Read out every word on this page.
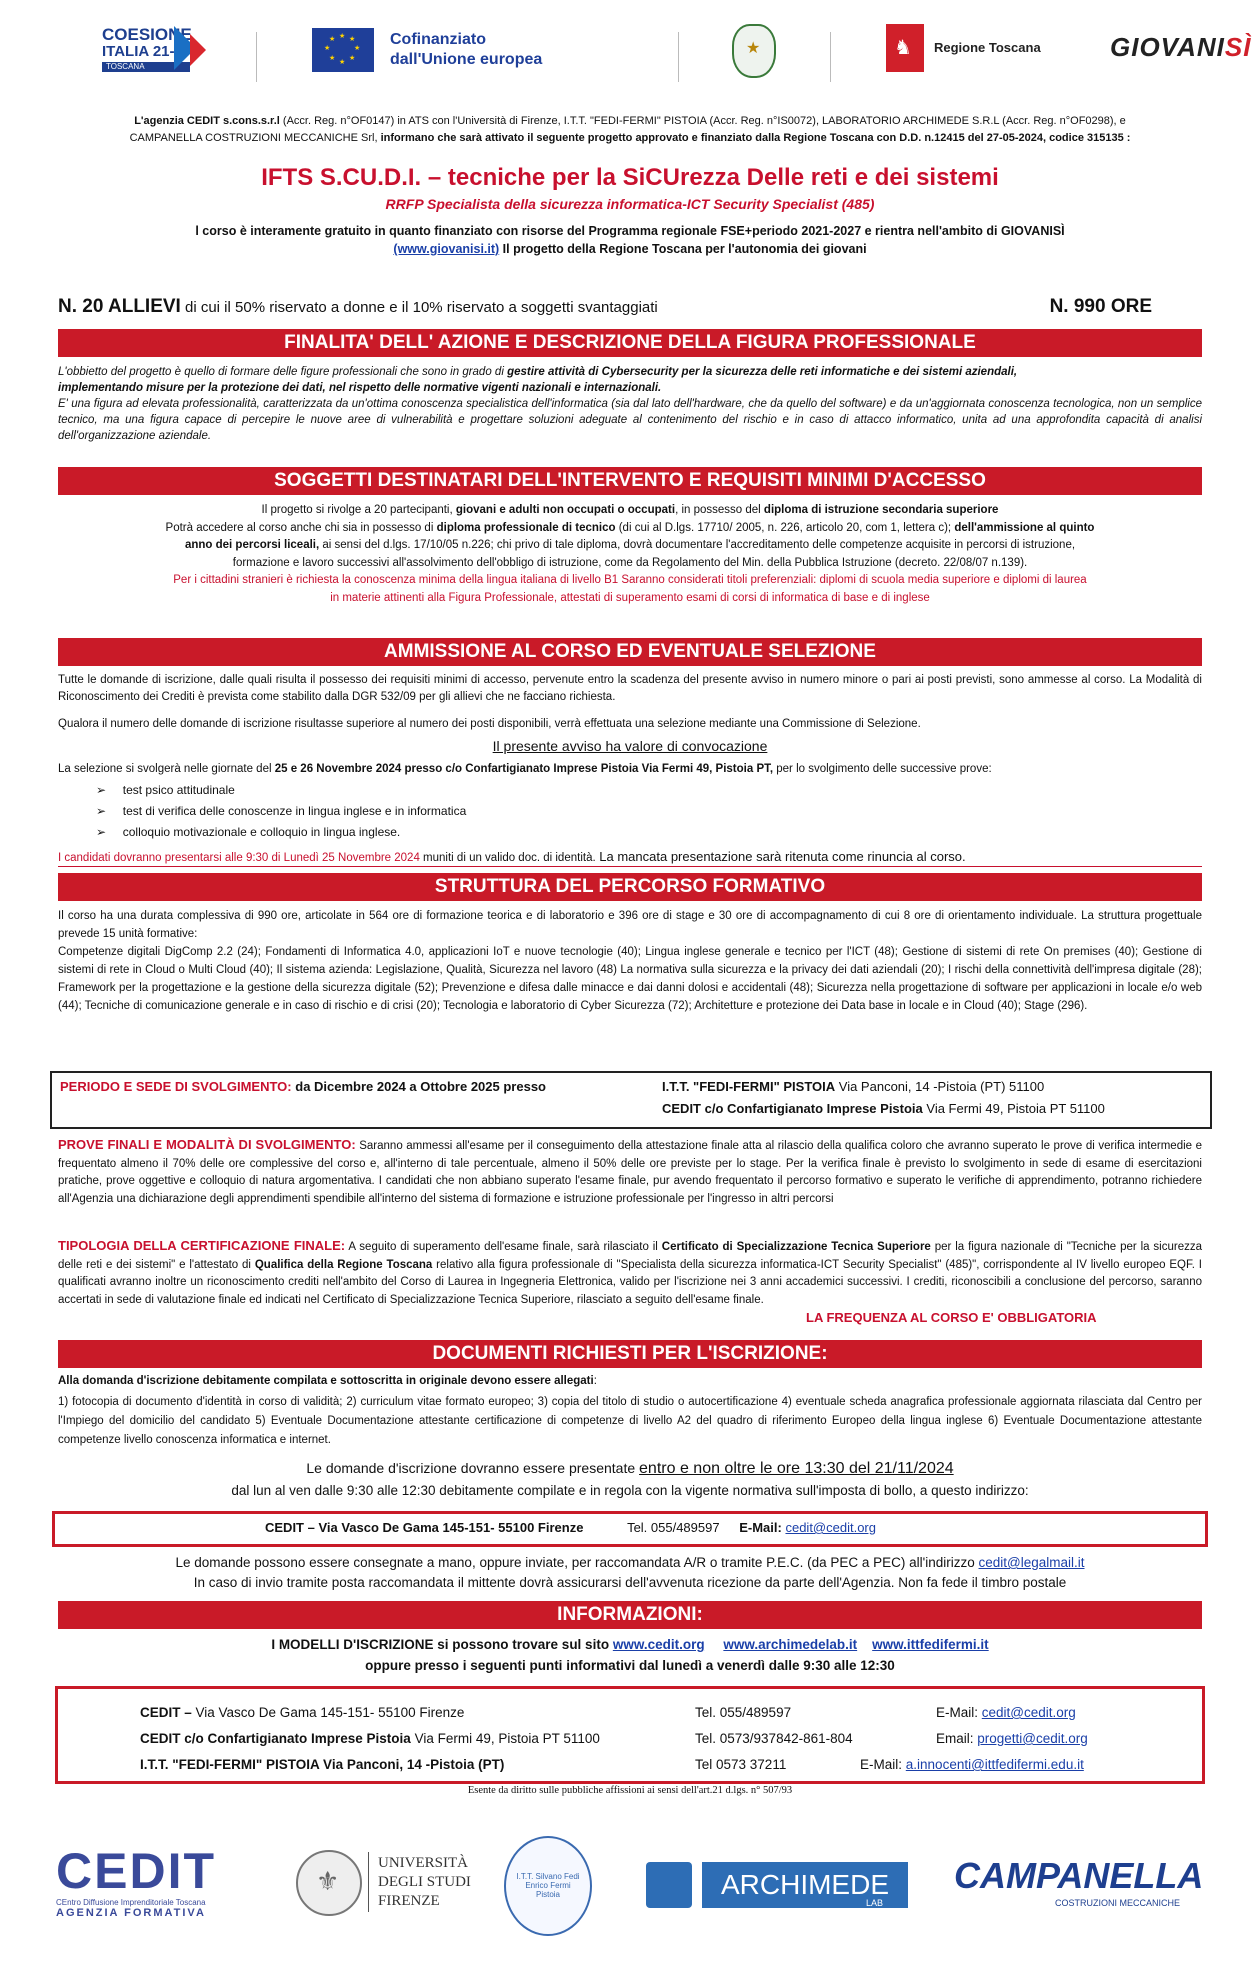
COESIONE
ITALIA 21-27
TOSCANA
★ ★
★
★
★
★
★
★	Cofinanziato
dall'Unione europea
★	♞ Regione Toscana	GIOVANISÌ
L'agenzia CEDIT s.cons.s.r.l (Accr. Reg. n°OF0147) in ATS con l'Università di Firenze, I.T.T. "FEDI-FERMI" PISTOIA (Accr. Reg. n°IS0072), LABORATORIO ARCHIMEDE S.R.L (Accr. Reg. n°OF0298), e
CAMPANELLA COSTRUZIONI MECCANICHE Srl, informano che sarà attivato il seguente progetto approvato e finanziato dalla Regione Toscana con D.D. n.12415 del 27-05-2024, codice 315135 :
IFTS S.CU.D.I. – tecniche per la SiCUrezza Delle reti e dei sistemi
RRFP Specialista della sicurezza informatica-ICT Security Specialist (485)
l corso è interamente gratuito in quanto finanziato con risorse del Programma regionale FSE+periodo 2021-2027 e rientra nell'ambito di GIOVANISÌ
(www.giovanisi.it) Il progetto della Regione Toscana per l'autonomia dei giovani
N. 20 ALLIEVI di cui il 50% riservato a donne e il 10% riservato a soggetti svantaggiati	N. 990 ORE
FINALITA' DELL' AZIONE E DESCRIZIONE DELLA FIGURA PROFESSIONALE
L'obbietto del progetto è quello di formare delle figure professionali che sono in grado di gestire attività di Cybersecurity per la sicurezza delle reti informatiche e dei sistemi aziendali,
implementando misure per la protezione dei dati, nel rispetto delle normative vigenti nazionali e internazionali.
E' una figura ad elevata professionalità, caratterizzata da un'ottima conoscenza specialistica dell'informatica (sia dal lato dell'hardware, che da quello del software) e da un'aggiornata conoscenza tecnologica, non un semplice tecnico, ma una figura capace di percepire le nuove aree di vulnerabilità e progettare soluzioni adeguate al contenimento del rischio e in caso di attacco informatico, unita ad una approfondita capacità di analisi dell'organizzazione aziendale.
SOGGETTI DESTINATARI DELL'INTERVENTO E REQUISITI MINIMI D'ACCESSO
Il progetto si rivolge a 20 partecipanti, giovani e adulti non occupati o occupati, in possesso del diploma di istruzione secondaria superiore
Potrà accedere al corso anche chi sia in possesso di diploma professionale di tecnico (di cui al D.lgs. 17710/ 2005, n. 226, articolo 20, com 1, lettera c); dell'ammissione al quinto
anno dei percorsi liceali, ai sensi del d.lgs. 17/10/05 n.226; chi privo di tale diploma, dovrà documentare l'accreditamento delle competenze acquisite in percorsi di istruzione,
formazione e lavoro successivi all'assolvimento dell'obbligo di istruzione, come da Regolamento del Min. della Pubblica Istruzione (decreto. 22/08/07 n.139).
Per i cittadini stranieri è richiesta la conoscenza minima della lingua italiana di livello B1 Saranno considerati titoli preferenziali: diplomi di scuola media superiore e diplomi di laurea
in materie attinenti alla Figura Professionale, attestati di superamento esami di corsi di informatica di base e di inglese
AMMISSIONE AL CORSO ED EVENTUALE SELEZIONE
Tutte le domande di iscrizione, dalle quali risulta il possesso dei requisiti minimi di accesso, pervenute entro la scadenza del presente avviso in numero minore o pari ai posti previsti, sono ammesse al corso. La Modalità di Riconoscimento dei Crediti è prevista come stabilito dalla DGR 532/09 per gli allievi che ne facciano richiesta.
Qualora il numero delle domande di iscrizione risultasse superiore al numero dei posti disponibili, verrà effettuata una selezione mediante una Commissione di Selezione.
Il presente avviso ha valore di convocazione
La selezione si svolgerà nelle giornate del 25 e 26 Novembre 2024 presso c/o Confartigianato Imprese Pistoia Via Fermi 49, Pistoia PT, per lo svolgimento delle successive prove:
➢ test psico attitudinale
➢ test di verifica delle conoscenze in lingua inglese e in informatica
➢ colloquio motivazionale e colloquio in lingua inglese.
I candidati dovranno presentarsi alle 9:30 di Lunedì 25 Novembre 2024 muniti di un valido doc. di identità. La mancata presentazione sarà ritenuta come rinuncia al corso.
STRUTTURA DEL PERCORSO FORMATIVO
Il corso ha una durata complessiva di 990 ore, articolate in 564 ore di formazione teorica e di laboratorio e 396 ore di stage e 30 ore di accompagnamento di cui 8 ore di orientamento individuale. La struttura progettuale prevede 15 unità formative:
Competenze digitali DigComp 2.2 (24); Fondamenti di Informatica 4.0, applicazioni IoT e nuove tecnologie (40); Lingua inglese generale e tecnico per l'ICT (48); Gestione di sistemi di rete On premises (40); Gestione di sistemi di rete in Cloud o Multi Cloud (40); Il sistema azienda: Legislazione, Qualità, Sicurezza nel lavoro (48) La normativa sulla sicurezza e la privacy dei dati aziendali (20); I rischi della connettività dell'impresa digitale (28); Framework per la progettazione e la gestione della sicurezza digitale (52); Prevenzione e difesa dalle minacce e dai danni dolosi e accidentali (48); Sicurezza nella progettazione di software per applicazioni in locale e/o web (44); Tecniche di comunicazione generale e in caso di rischio e di crisi (20); Tecnologia e laboratorio di Cyber Sicurezza (72); Architetture e protezione dei Data base in locale e in Cloud (40); Stage (296).
PERIODO E SEDE DI SVOLGIMENTO: da Dicembre 2024 a Ottobre 2025 presso	I.T.T. "FEDI-FERMI" PISTOIA Via Panconi, 14 -Pistoia (PT) 51100
CEDIT c/o Confartigianato Imprese Pistoia Via Fermi 49, Pistoia PT 51100
PROVE FINALI E MODALITÀ DI SVOLGIMENTO: Saranno ammessi all'esame per il conseguimento della attestazione finale atta al rilascio della qualifica coloro che avranno superato le prove di verifica intermedie e frequentato almeno il 70% delle ore complessive del corso e, all'interno di tale percentuale, almeno il 50% delle ore previste per lo stage. Per la verifica finale è previsto lo svolgimento in sede di esame di esercitazioni pratiche, prove oggettive e colloquio di natura argomentativa. I candidati che non abbiano superato l'esame finale, pur avendo frequentato il percorso formativo e superato le verifiche di apprendimento, potranno richiedere all'Agenzia una dichiarazione degli apprendimenti spendibile all'interno del sistema di formazione e istruzione professionale per l'ingresso in altri percorsi
TIPOLOGIA DELLA CERTIFICAZIONE FINALE: A seguito di superamento dell'esame finale, sarà rilasciato il Certificato di Specializzazione Tecnica Superiore per la figura nazionale di "Tecniche per la sicurezza delle reti e dei sistemi" e l'attestato di Qualifica della Regione Toscana relativo alla figura professionale di "Specialista della sicurezza informatica-ICT Security Specialist" (485)", corrispondente al IV livello europeo EQF. I qualificati avranno inoltre un riconoscimento crediti nell'ambito del Corso di Laurea in Ingegneria Elettronica, valido per l'iscrizione nei 3 anni accademici successivi. I crediti, riconoscibili a conclusione del percorso, saranno accertati in sede di valutazione finale ed indicati nel Certificato di Specializzazione Tecnica Superiore, rilasciato a seguito dell'esame finale.
LA FREQUENZA AL CORSO E' OBBLIGATORIA
DOCUMENTI RICHIESTI PER L'ISCRIZIONE:
Alla domanda d'iscrizione debitamente compilata e sottoscritta in originale devono essere allegati:
1) fotocopia di documento d'identità in corso di validità; 2) curriculum vitae formato europeo; 3) copia del titolo di studio o autocertificazione 4) eventuale scheda anagrafica professionale aggiornata rilasciata dal Centro per l'Impiego del domicilio del candidato 5) Eventuale Documentazione attestante certificazione di competenze di livello A2 del quadro di riferimento Europeo della lingua inglese 6) Eventuale Documentazione attestante competenze livello conoscenza informatica e internet.
Le domande d'iscrizione dovranno essere presentate entro e non oltre le ore 13:30 del 21/11/2024
dal lun al ven dalle 9:30 alle 12:30 debitamente compilate e in regola con la vigente normativa sull'imposta di bollo, a questo indirizzo:
CEDIT – Via Vasco De Gama 145-151- 55100 Firenze	Tel. 055/489597 E-Mail: cedit@cedit.org
Le domande possono essere consegnate a mano, oppure inviate, per raccomandata A/R o tramite P.E.C. (da PEC a PEC) all'indirizzo cedit@legalmail.it
In caso di invio tramite posta raccomandata il mittente dovrà assicurarsi dell'avvenuta ricezione da parte dell'Agenzia. Non fa fede il timbro postale
INFORMAZIONI:
I MODELLI D'ISCRIZIONE si possono trovare sul sito www.cedit.org www.archimedelab.it www.ittfedifermi.it
oppure presso i seguenti punti informativi dal lunedì a venerdì dalle 9:30 alle 12:30
CEDIT – Via Vasco De Gama 145-151- 55100 Firenze	Tel. 055/489597	E-Mail: cedit@cedit.org
CEDIT c/o Confartigianato Imprese Pistoia Via Fermi 49, Pistoia PT 51100	Tel. 0573/937842-861-804	Email: progetti@cedit.org
I.T.T. "FEDI-FERMI" PISTOIA Via Panconi, 14 -Pistoia (PT)	Tel 0573 37211	E-Mail: a.innocenti@ittfedifermi.edu.it
Esente da diritto sulle pubbliche affissioni ai sensi dell'art.21 d.lgs. n° 507/93
CEDIT
CEntro Diffusione Imprenditoriale Toscana
AGENZIA FORMATIVA
⚜
UNIVERSITÀ
DEGLI STUDI
FIRENZE
I.T.T. Silvano Fedi Enrico Fermi Pistoia	ARCHIMEDE
LAB
CAMPANELLA
COSTRUZIONI MECCANICHE
